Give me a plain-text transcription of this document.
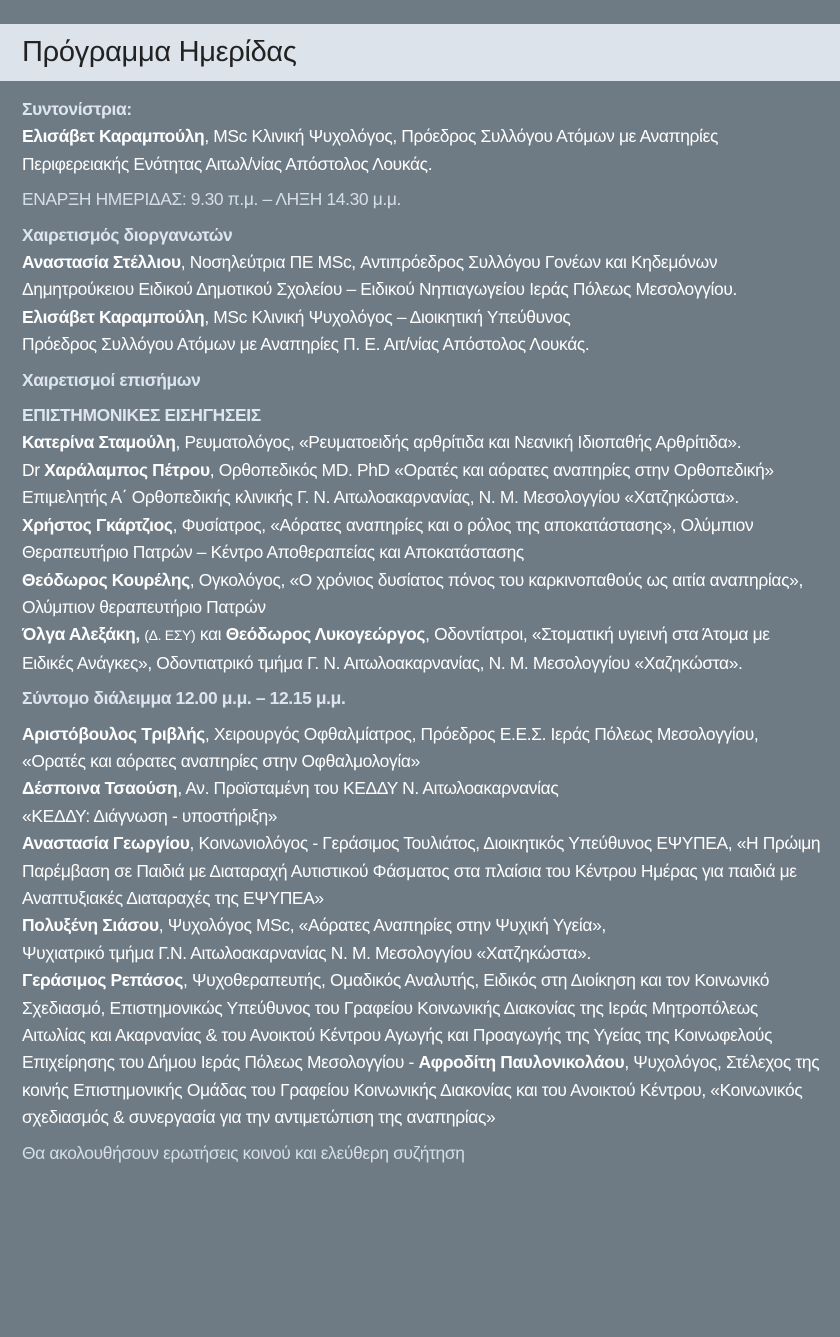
Πρόγραμμα Ημερίδας

Συντονίστρια:

Ελισάβετ Καραμπούλη, MSc Κλινική Ψυχολόγος, Πρόεδρος Συλλόγου Ατόμων με Αναπηρίες Περιφερειακής Ενότητας Αιτωλ/νίας Απόστολος Λουκάς.

ΕΝΑΡΞΗ ΗΜΕΡΙΔΑΣ: 9.30 π.μ. – ΛΗΞΗ 14.30 μ.μ.

Χαιρετισμός διοργανωτών

Αναστασία Στέλλιου, Νοσηλεύτρια ΠΕ MSc, Αντιπρόεδρος Συλλόγου Γονέων και Κηδεμόνων Δημητρούκειου Ειδικού Δημοτικού Σχολείου – Ειδικού Νηπιαγωγείου Ιεράς Πόλεως Μεσολογγίου.

Ελισάβετ Καραμπούλη, MSc Κλινική Ψυχολόγος – Διοικητική Υπεύθυνος
Πρόεδρος Συλλόγου Ατόμων με Αναπηρίες Π. Ε. Αιτ/νίας Απόστολος Λουκάς.

Χαιρετισμοί επισήμων

ΕΠΙΣΤΗΜΟΝΙΚΕΣ ΕΙΣΗΓΗΣΕΙΣ

Κατερίνα Σταμούλη, Ρευματολόγος, «Ρευματοειδής αρθρίτιδα και Νεανική Ιδιοπαθής Αρθρίτιδα».

Dr Χαράλαμπος Πέτρου, Ορθοπεδικός MD. PhD «Ορατές και αόρατες αναπηρίες στην Ορθοπεδική» Επιμελητής Α΄ Ορθοπεδικής κλινικής Γ. Ν. Αιτωλοακαρνανίας, Ν. Μ. Μεσολογγίου «Χατζηκώστα».

Χρήστος Γκάρτζιος, Φυσίατρος, «Αόρατες αναπηρίες και ο ρόλος της αποκατάστασης», Ολύμπιον Θεραπευτήριο Πατρών – Κέντρο Αποθεραπείας και Αποκατάστασης

Θεόδωρος Κουρέλης, Ογκολόγος, «Ο χρόνιος δυσίατος πόνος του καρκινοπαθούς ως αιτία αναπηρίας», Ολύμπιον θεραπευτήριο Πατρών

Όλγα Αλεξάκη, (Δ. ΕΣΥ) και Θεόδωρος Λυκογεώργος, Οδοντίατροι, «Στοματική υγιεινή στα Άτομα με Ειδικές Ανάγκες», Οδοντιατρικό τμήμα Γ. Ν. Αιτωλοακαρνανίας, Ν. Μ. Μεσολογγίου «Χαζηκώστα».

Σύντομο διάλειμμα 12.00 μ.μ. – 12.15 μ.μ.

Αριστόβουλος Τριβλής, Χειρουργός Οφθαλμίατρος, Πρόεδρος Ε.Ε.Σ. Ιεράς Πόλεως Μεσολογγίου, «Ορατές και αόρατες αναπηρίες στην Οφθαλμολογία»

Δέσποινα Τσαούση, Αν. Προϊσταμένη του ΚΕΔΔΥ Ν. Αιτωλοακαρνανίας
«ΚΕΔΔΥ: Διάγνωση - υποστήριξη»

Αναστασία Γεωργίου, Κοινωνιολόγος - Γεράσιμος Τουλιάτος, Διοικητικός Υπεύθυνος ΕΨΥΠΕΑ, «Η Πρώιμη Παρέμβαση σε Παιδιά με Διαταραχή Αυτιστικού Φάσματος στα πλαίσια του Κέντρου Ημέρας για παιδιά με Αναπτυξιακές Διαταραχές της ΕΨΥΠΕΑ»

Πολυξένη Σιάσου, Ψυχολόγος MSc, «Αόρατες Αναπηρίες στην Ψυχική Υγεία»,
Ψυχιατρικό τμήμα Γ.Ν. Αιτωλοακαρνανίας Ν. Μ. Μεσολογγίου «Χατζηκώστα».

Γεράσιμος Ρεπάσος, Ψυχοθεραπευτής, Ομαδικός Αναλυτής, Ειδικός στη Διοίκηση και τον Κοινωνικό Σχεδιασμό, Επιστημονικώς Υπεύθυνος του Γραφείου Κοινωνικής Διακονίας της Ιεράς Μητροπόλεως Αιτωλίας και Ακαρνανίας & του Ανοικτού Κέντρου Αγωγής και Προαγωγής της Υγείας της Κοινωφελούς Επιχείρησης του Δήμου Ιεράς Πόλεως Μεσολογγίου - Αφροδίτη Παυλονικολάου, Ψυχολόγος, Στέλεχος της κοινής Επιστημονικής Ομάδας του Γραφείου Κοινωνικής Διακονίας και του Ανοικτού Κέντρου, «Κοινωνικός σχεδιασμός & συνεργασία για την αντιμετώπιση της αναπηρίας»

Θα ακολουθήσουν ερωτήσεις κοινού και ελεύθερη συζήτηση
